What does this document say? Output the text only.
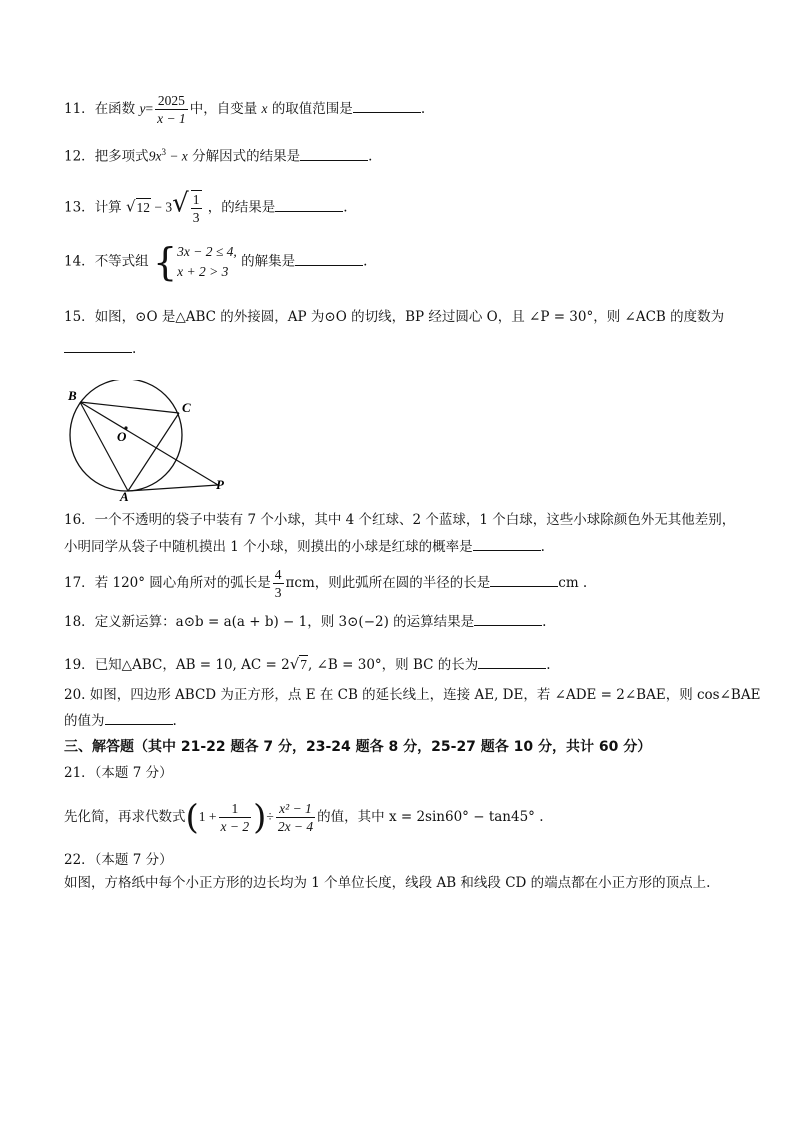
11．在函数 $y= \frac{2025}{x - 1}$ 中，自变量 x 的取值范围是	.
12．把多项式$9x^3 - x$ 分解因式的结果是	.
13．计算 $√12 - 3√ \frac{1}{3}$ ，的结果是	.
14．不等式组 { 3x − 2 ≤ 4,
x + 2 > 3
的解集是	.
15．如图，⊙O 是△ABC 的外接圆，AP 为⊙O 的切线，BP 经过圆心 O，且 ∠P = 30°，则 ∠ACB 的度数为
.
B
C
O
A
P
16．一个不透明的袋子中装有 7 个小球，其中 4 个红球、2 个蓝球，1 个白球，这些小球除颜色外无其他差别，
小明同学从袋子中随机摸出 1 个小球，则摸出的小球是红球的概率是	.
17．若 120° 圆心角所对的弧长是 $\frac{4}{3}$ πcm，则此弧所在圆的半径的长是	cm .
18．定义新运算：a⊙b = a(a + b) − 1，则 3⊙(−2) 的运算结果是	.
19．已知△ABC，AB = 10, AC = 2√7, ∠B = 30°，则 BC 的长为	.
20. 如图，四边形 ABCD 为正方形，点 E 在 CB 的延长线上，连接 AE, DE，若 ∠ADE = 2∠BAE，则 cos∠BAE
的值为	.
三、解答题（其中 21-22 题各 7 分，23-24 题各 8 分，25-27 题各 10 分，共计 60 分）
21．（本题 7 分）
先化简，再求代数式($1 + \frac{1}{x - 2}$ )÷ $\frac{\text{x² − 1}}{2x - 4}$ 的值，其中 x = 2sin60° − tan45° .
22．（本题 7 分）
如图，方格纸中每个小正方形的边长均为 1 个单位长度，线段 AB 和线段 CD 的端点都在小正方形的顶点上.
